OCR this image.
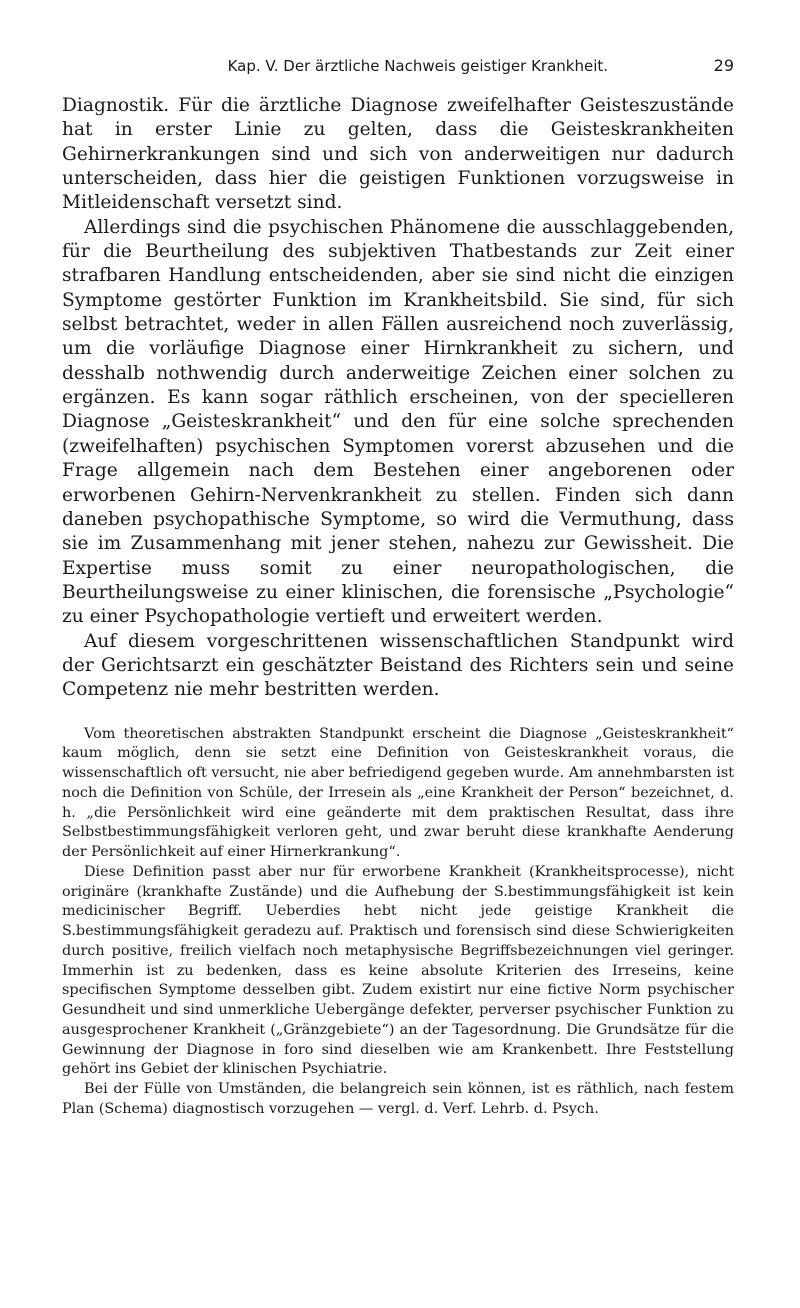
Kap. V. Der ärztliche Nachweis geistiger Krankheit.	29

Diagnostik. Für die ärztliche Diagnose zweifelhafter Geisteszustände hat in erster Linie zu gelten, dass die Geisteskrankheiten Gehirnerkrankungen sind und sich von anderweitigen nur dadurch unterscheiden, dass hier die geistigen Funktionen vorzugsweise in Mitleidenschaft versetzt sind.

Allerdings sind die psychischen Phänomene die ausschlaggebenden, für die Beurtheilung des subjektiven Thatbestands zur Zeit einer strafbaren Handlung entscheidenden, aber sie sind nicht die einzigen Symptome gestörter Funktion im Krankheitsbild. Sie sind, für sich selbst betrachtet, weder in allen Fällen ausreichend noch zuverlässig, um die vorläufige Diagnose einer Hirnkrankheit zu sichern, und desshalb nothwendig durch anderweitige Zeichen einer solchen zu ergänzen. Es kann sogar räthlich erscheinen, von der specielleren Diagnose „Geisteskrankheit“ und den für eine solche sprechenden (zweifelhaften) psychischen Symptomen vorerst abzusehen und die Frage allgemein nach dem Bestehen einer angeborenen oder erworbenen Gehirn-Nervenkrankheit zu stellen. Finden sich dann daneben psychopathische Symptome, so wird die Vermuthung, dass sie im Zusammenhang mit jener stehen, nahezu zur Gewissheit. Die Expertise muss somit zu einer neuropathologischen, die Beurtheilungsweise zu einer klinischen, die forensische „Psychologie“ zu einer Psychopathologie vertieft und erweitert werden.

Auf diesem vorgeschrittenen wissenschaftlichen Standpunkt wird der Gerichtsarzt ein geschätzter Beistand des Richters sein und seine Competenz nie mehr bestritten werden.

Vom theoretischen abstrakten Standpunkt erscheint die Diagnose „Geisteskrankheit“ kaum möglich, denn sie setzt eine Definition von Geisteskrankheit voraus, die wissenschaftlich oft versucht, nie aber befriedigend gegeben wurde. Am annehmbarsten ist noch die Definition von Schüle, der Irresein als „eine Krankheit der Person“ bezeichnet, d. h. „die Persönlichkeit wird eine geänderte mit dem praktischen Resultat, dass ihre Selbstbestimmungsfähigkeit verloren geht, und zwar beruht diese krankhafte Aenderung der Persönlichkeit auf einer Hirnerkrankung“.

Diese Definition passt aber nur für erworbene Krankheit (Krankheitsprocesse), nicht originäre (krankhafte Zustände) und die Aufhebung der S.bestimmungsfähigkeit ist kein medicinischer Begriff. Ueberdies hebt nicht jede geistige Krankheit die S.bestimmungsfähigkeit geradezu auf. Praktisch und forensisch sind diese Schwierigkeiten durch positive, freilich vielfach noch metaphysische Begriffsbezeichnungen viel geringer. Immerhin ist zu bedenken, dass es keine absolute Kriterien des Irreseins, keine specifischen Symptome desselben gibt. Zudem existirt nur eine fictive Norm psychischer Gesundheit und sind unmerkliche Uebergänge defekter, perverser psychischer Funktion zu ausgesprochener Krankheit („Gränzgebiete“) an der Tagesordnung. Die Grundsätze für die Gewinnung der Diagnose in foro sind dieselben wie am Krankenbett. Ihre Feststellung gehört ins Gebiet der klinischen Psychiatrie.

Bei der Fülle von Umständen, die belangreich sein können, ist es räthlich, nach festem Plan (Schema) diagnostisch vorzugehen — vergl. d. Verf. Lehrb. d. Psych.
